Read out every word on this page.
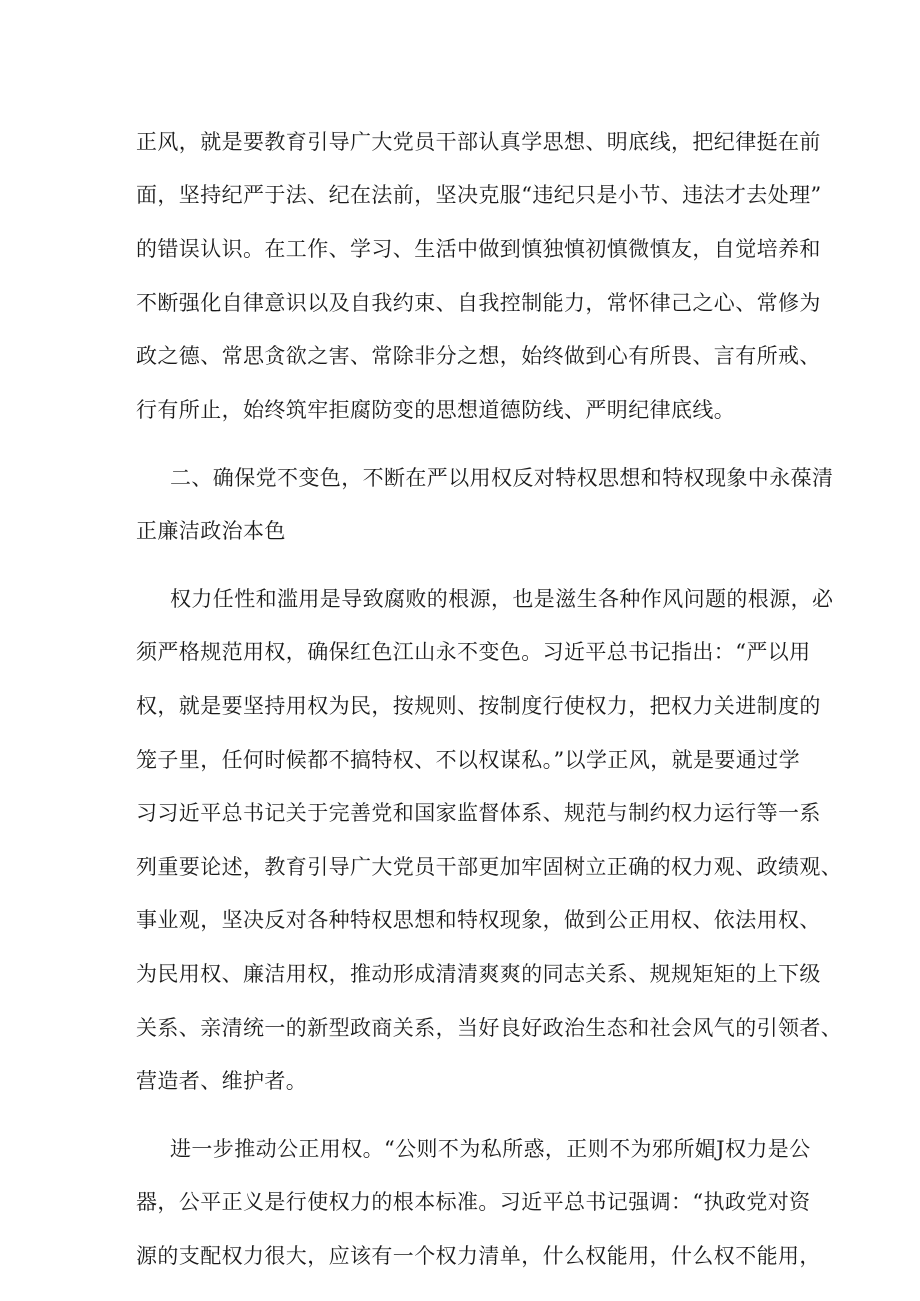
正风，就是要教育引导广大党员干部认真学思想、明底线，把纪律挺在前
面，坚持纪严于法、纪在法前，坚决克服“违纪只是小节、违法才去处理”
的错误认识。在工作、学习、生活中做到慎独慎初慎微慎友，自觉培养和
不断强化自律意识以及自我约束、自我控制能力，常怀律己之心、常修为
政之德、常思贪欲之害、常除非分之想，始终做到心有所畏、言有所戒、
行有所止，始终筑牢拒腐防变的思想道德防线、严明纪律底线。
二、确保党不变色，不断在严以用权反对特权思想和特权现象中永葆清
正廉洁政治本色
权力任性和滥用是导致腐败的根源，也是滋生各种作风问题的根源，必
须严格规范用权，确保红色江山永不变色。习近平总书记指出：“严以用
权，就是要坚持用权为民，按规则、按制度行使权力，把权力关进制度的
笼子里，任何时候都不搞特权、不以权谋私。”以学正风，就是要通过学
习习近平总书记关于完善党和国家监督体系、规范与制约权力运行等一系
列重要论述，教育引导广大党员干部更加牢固树立正确的权力观、政绩观、
事业观，坚决反对各种特权思想和特权现象，做到公正用权、依法用权、
为民用权、廉洁用权，推动形成清清爽爽的同志关系、规规矩矩的上下级
关系、亲清统一的新型政商关系，当好良好政治生态和社会风气的引领者、
营造者、维护者。
进一步推动公正用权。“公则不为私所惑，正则不为邪所媚J权力是公
器，公平正义是行使权力的根本标准。习近平总书记强调：“执政党对资
源的支配权力很大，应该有一个权力清单，什么权能用，什么权不能用，
